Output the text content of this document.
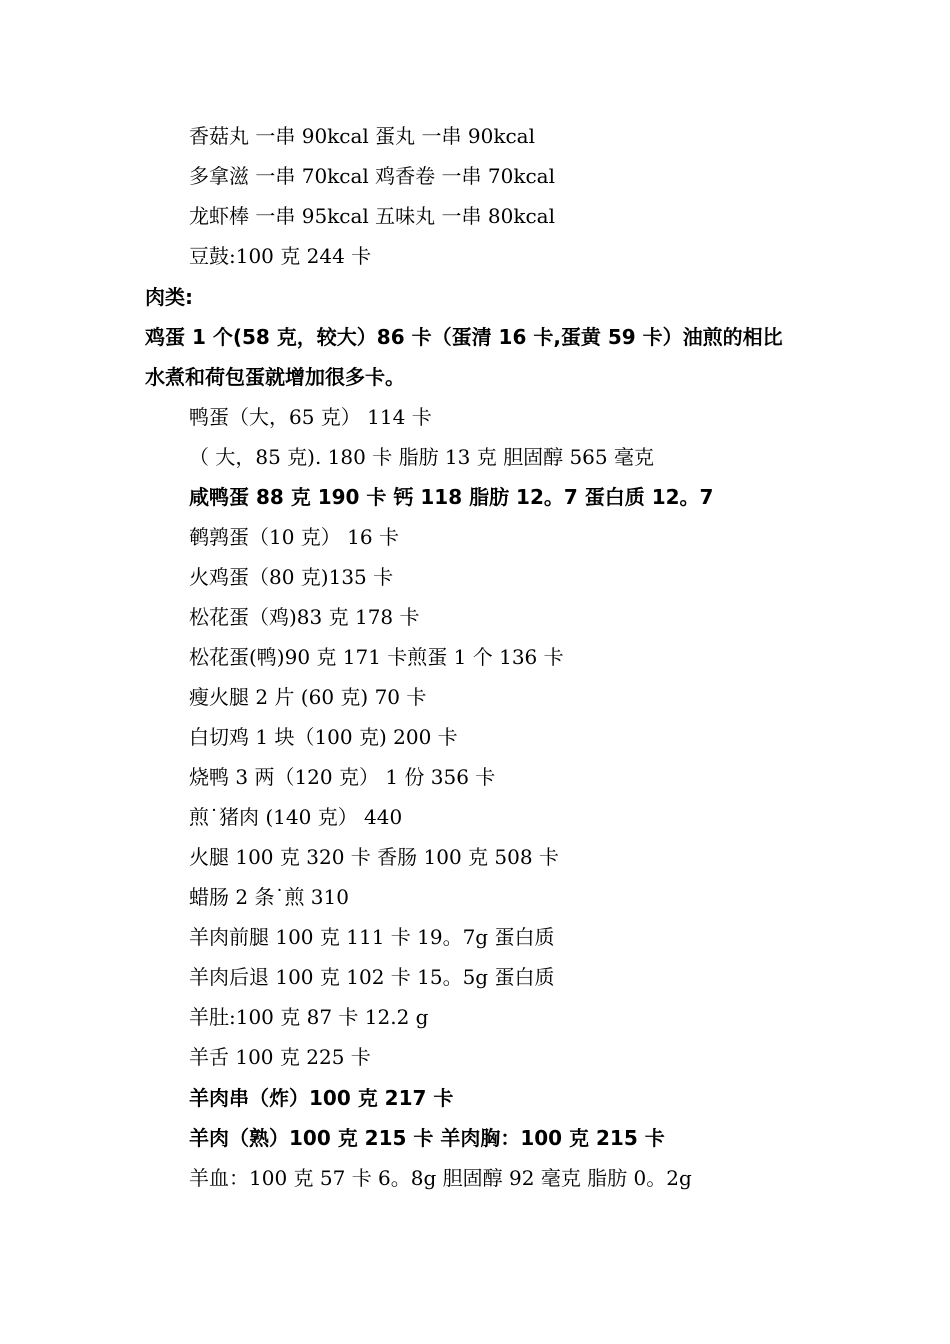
香菇丸 一串 90kcal 蛋丸 一串 90kcal
多拿滋 一串 70kcal 鸡香卷 一串 70kcal
龙虾棒 一串 95kcal 五味丸 一串 80kcal
豆鼓:100 克 244 卡
肉类:
鸡蛋 1 个(58 克，较大）86 卡（蛋清 16 卡,蛋黄 59 卡）油煎的相比
水煮和荷包蛋就增加很多卡。
鸭蛋（大，65 克） 114 卡
（ 大，85 克). 180 卡 脂肪 13 克 胆固醇 565 毫克
咸鸭蛋 88 克 190 卡 钙 118 脂肪 12。7 蛋白质 12。7
鹌鹑蛋（10 克） 16 卡
火鸡蛋（80 克)135 卡
松花蛋（鸡)83 克 178 卡
松花蛋(鸭)90 克 171 卡煎蛋 1 个 136 卡
瘦火腿 2 片 (60 克) 70 卡
白切鸡 1 块（100 克) 200 卡
烧鸭 3 两（120 克） 1 份 356 卡
煎˙猪肉 (140 克） 440
火腿 100 克 320 卡 香肠 100 克 508 卡
蜡肠 2 条˙煎 310
羊肉前腿 100 克 111 卡 19。7g 蛋白质
羊肉后退 100 克 102 卡 15。5g 蛋白质
羊肚:100 克 87 卡 12.2 g
羊舌 100 克 225 卡
羊肉串（炸）100 克 217 卡
羊肉（熟）100 克 215 卡 羊肉胸：100 克 215 卡
羊血：100 克 57 卡 6。8g 胆固醇 92 毫克 脂肪 0。2g
